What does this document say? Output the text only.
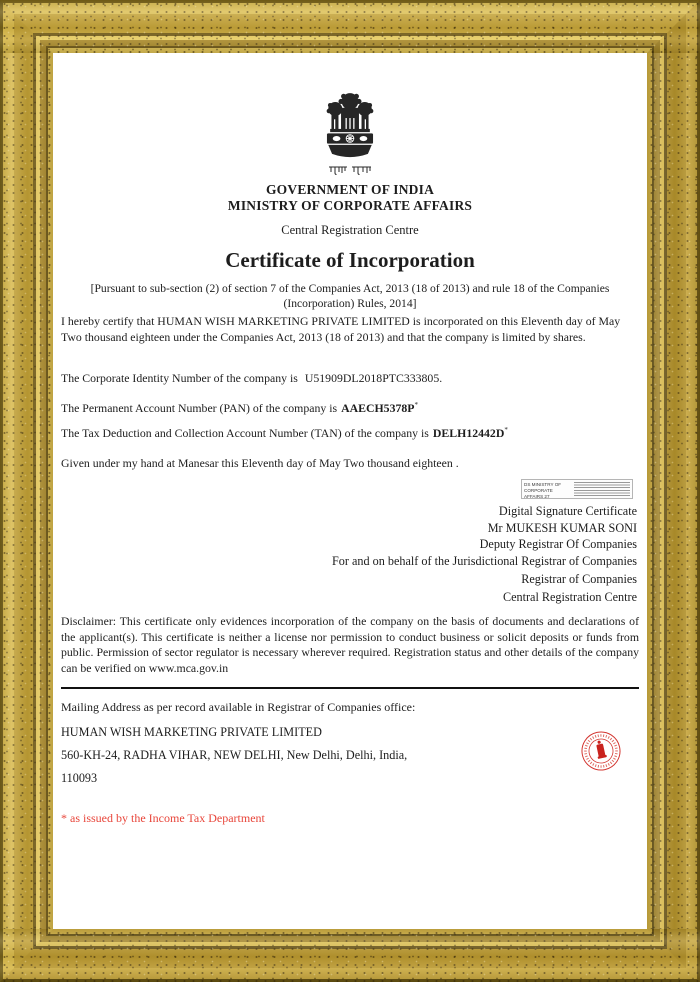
GOVERNMENT OF INDIA
MINISTRY OF CORPORATE AFFAIRS
Central Registration Centre
Certificate of Incorporation
[Pursuant to sub-section (2) of section 7 of the Companies Act, 2013 (18 of 2013) and rule 18 of the Companies (Incorporation) Rules, 2014]
I hereby certify that HUMAN WISH MARKETING PRIVATE LIMITED is incorporated on this Eleventh day of May Two thousand eighteen under the Companies Act, 2013 (18 of 2013) and that the company is limited by shares.
The Corporate Identity Number of the company is U51909DL2018PTC333805.
The Permanent Account Number (PAN) of the company is AAECH5378P*
The Tax Deduction and Collection Account Number (TAN) of the company is DELH12442D*
Given under my hand at Manesar this Eleventh day of May Two thousand eighteen .
DS MINISTRY OF CORPORATE AFFAIRS 27
Digital Signature Certificate
Mr MUKESH KUMAR SONI
Deputy Registrar Of Companies
For and on behalf of the Jurisdictional Registrar of Companies
Registrar of Companies
Central Registration Centre
Disclaimer: This certificate only evidences incorporation of the company on the basis of documents and declarations of the applicant(s). This certificate is neither a license nor permission to conduct business or solicit deposits or funds from public. Permission of sector regulator is necessary wherever required. Registration status and other details of the company can be verified on www.mca.gov.in
Mailing Address as per record available in Registrar of Companies office:
HUMAN WISH MARKETING PRIVATE LIMITED
560-KH-24, RADHA VIHAR, NEW DELHI, New Delhi, Delhi, India,
110093
* as issued by the Income Tax Department
